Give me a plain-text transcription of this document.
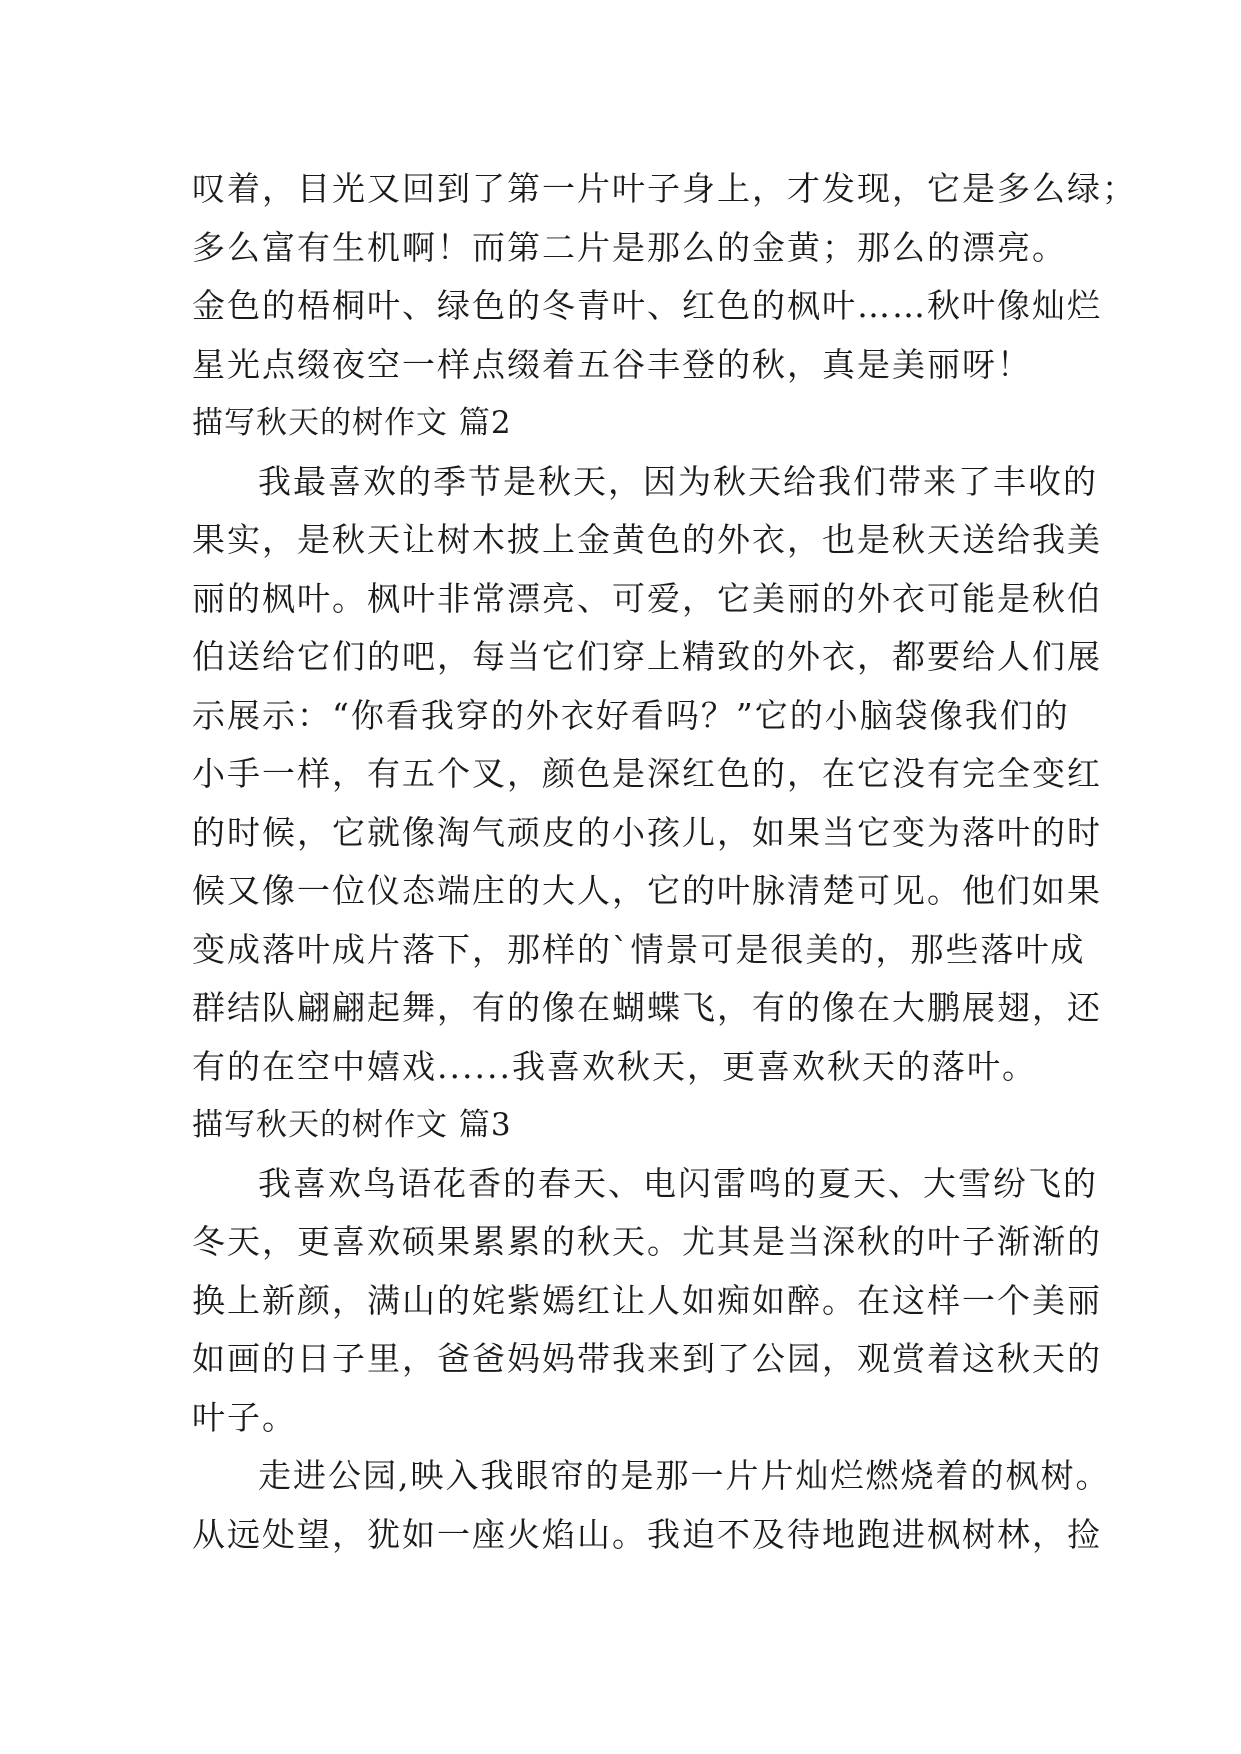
叹着，目光又回到了第一片叶子身上，才发现，它是多么绿；
多么富有生机啊！而第二片是那么的金黄；那么的漂亮。
金色的梧桐叶、绿色的冬青叶、红色的枫叶……秋叶像灿烂
星光点缀夜空一样点缀着五谷丰登的秋，真是美丽呀！
描写秋天的树作文 篇2
我最喜欢的季节是秋天，因为秋天给我们带来了丰收的
果实，是秋天让树木披上金黄色的外衣，也是秋天送给我美
丽的枫叶。枫叶非常漂亮、可爱，它美丽的外衣可能是秋伯
伯送给它们的吧，每当它们穿上精致的外衣，都要给人们展
示展示：“你看我穿的外衣好看吗？”它的小脑袋像我们的
小手一样，有五个叉，颜色是深红色的，在它没有完全变红
的时候，它就像淘气顽皮的小孩儿，如果当它变为落叶的时
候又像一位仪态端庄的大人，它的叶脉清楚可见。他们如果
变成落叶成片落下，那样的`情景可是很美的，那些落叶成
群结队翩翩起舞，有的像在蝴蝶飞，有的像在大鹏展翅，还
有的在空中嬉戏......我喜欢秋天，更喜欢秋天的落叶。
描写秋天的树作文 篇3
我喜欢鸟语花香的春天、电闪雷鸣的夏天、大雪纷飞的
冬天，更喜欢硕果累累的秋天。尤其是当深秋的叶子渐渐的
换上新颜，满山的姹紫嫣红让人如痴如醉。在这样一个美丽
如画的日子里，爸爸妈妈带我来到了公园，观赏着这秋天的
叶子。
走进公园,映入我眼帘的是那一片片灿烂燃烧着的枫树。
从远处望，犹如一座火焰山。我迫不及待地跑进枫树林，捡
